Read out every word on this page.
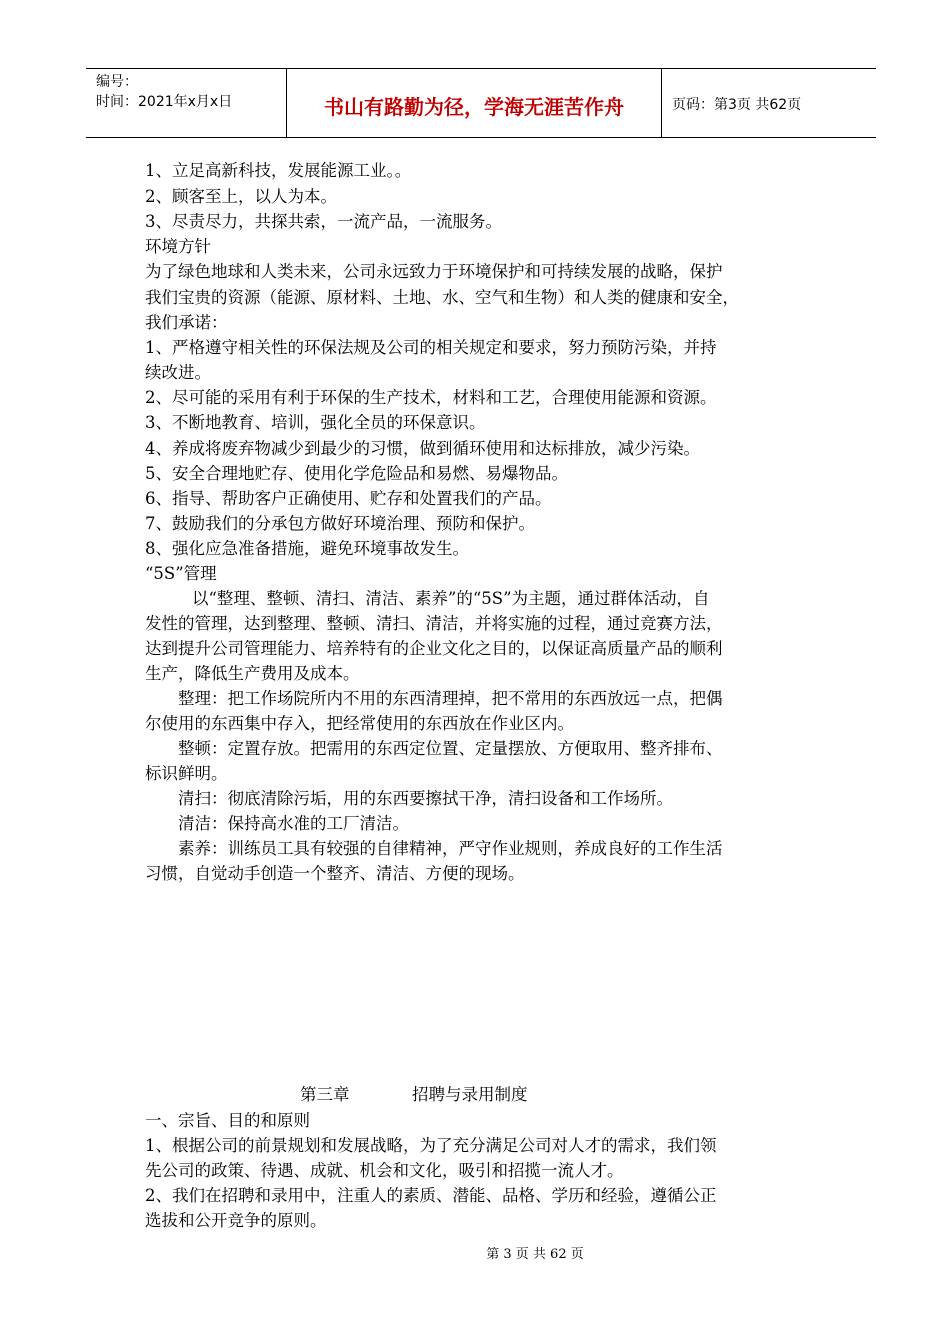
编号：
时间：2021年x月x日	书山有路勤为径，学海无涯苦作舟	页码：第3页 共62页
1、立足高新科技，发展能源工业。。
2、顾客至上，以人为本。
3、尽责尽力，共探共索，一流产品，一流服务。
环境方针
为了绿色地球和人类未来，公司永远致力于环境保护和可持续发展的战略，保护
我们宝贵的资源（能源、原材料、土地、水、空气和生物）和人类的健康和安全，
我们承诺：
1、严格遵守相关性的环保法规及公司的相关规定和要求，努力预防污染，并持
续改进。
2、尽可能的采用有利于环保的生产技术，材料和工艺，合理使用能源和资源。
3、不断地教育、培训，强化全员的环保意识。
4、养成将废弃物减少到最少的习惯，做到循环使用和达标排放，减少污染。
5、安全合理地贮存、使用化学危险品和易燃、易爆物品。
6、指导、帮助客户正确使用、贮存和处置我们的产品。
7、鼓励我们的分承包方做好环境治理、预防和保护。
8、强化应急准备措施，避免环境事故发生。
“5S”管理
以“整理、整顿、清扫、清洁、素养”的“5S”为主题，通过群体活动，自
发性的管理，达到整理、整顿、清扫、清洁，并将实施的过程，通过竞赛方法，
达到提升公司管理能力、培养特有的企业文化之目的，以保证高质量产品的顺利
生产，降低生产费用及成本。
整理：把工作场院所内不用的东西清理掉，把不常用的东西放远一点，把偶
尔使用的东西集中存入，把经常使用的东西放在作业区内。
整顿：定置存放。把需用的东西定位置、定量摆放、方便取用、整齐排布、
标识鲜明。
清扫：彻底清除污垢，用的东西要擦拭干净，清扫设备和工作场所。
清洁：保持高水准的工厂清洁。
素养：训练员工具有较强的自律精神，严守作业规则，养成良好的工作生活
习惯，自觉动手创造一个整齐、清洁、方便的现场。
第三章	招聘与录用制度
一、宗旨、目的和原则
1、根据公司的前景规划和发展战略，为了充分满足公司对人才的需求，我们领
先公司的政策、待遇、成就、机会和文化，吸引和招揽一流人才。
2、我们在招聘和录用中，注重人的素质、潜能、品格、学历和经验，遵循公正
选拔和公开竞争的原则。
第 3 页 共 62 页
